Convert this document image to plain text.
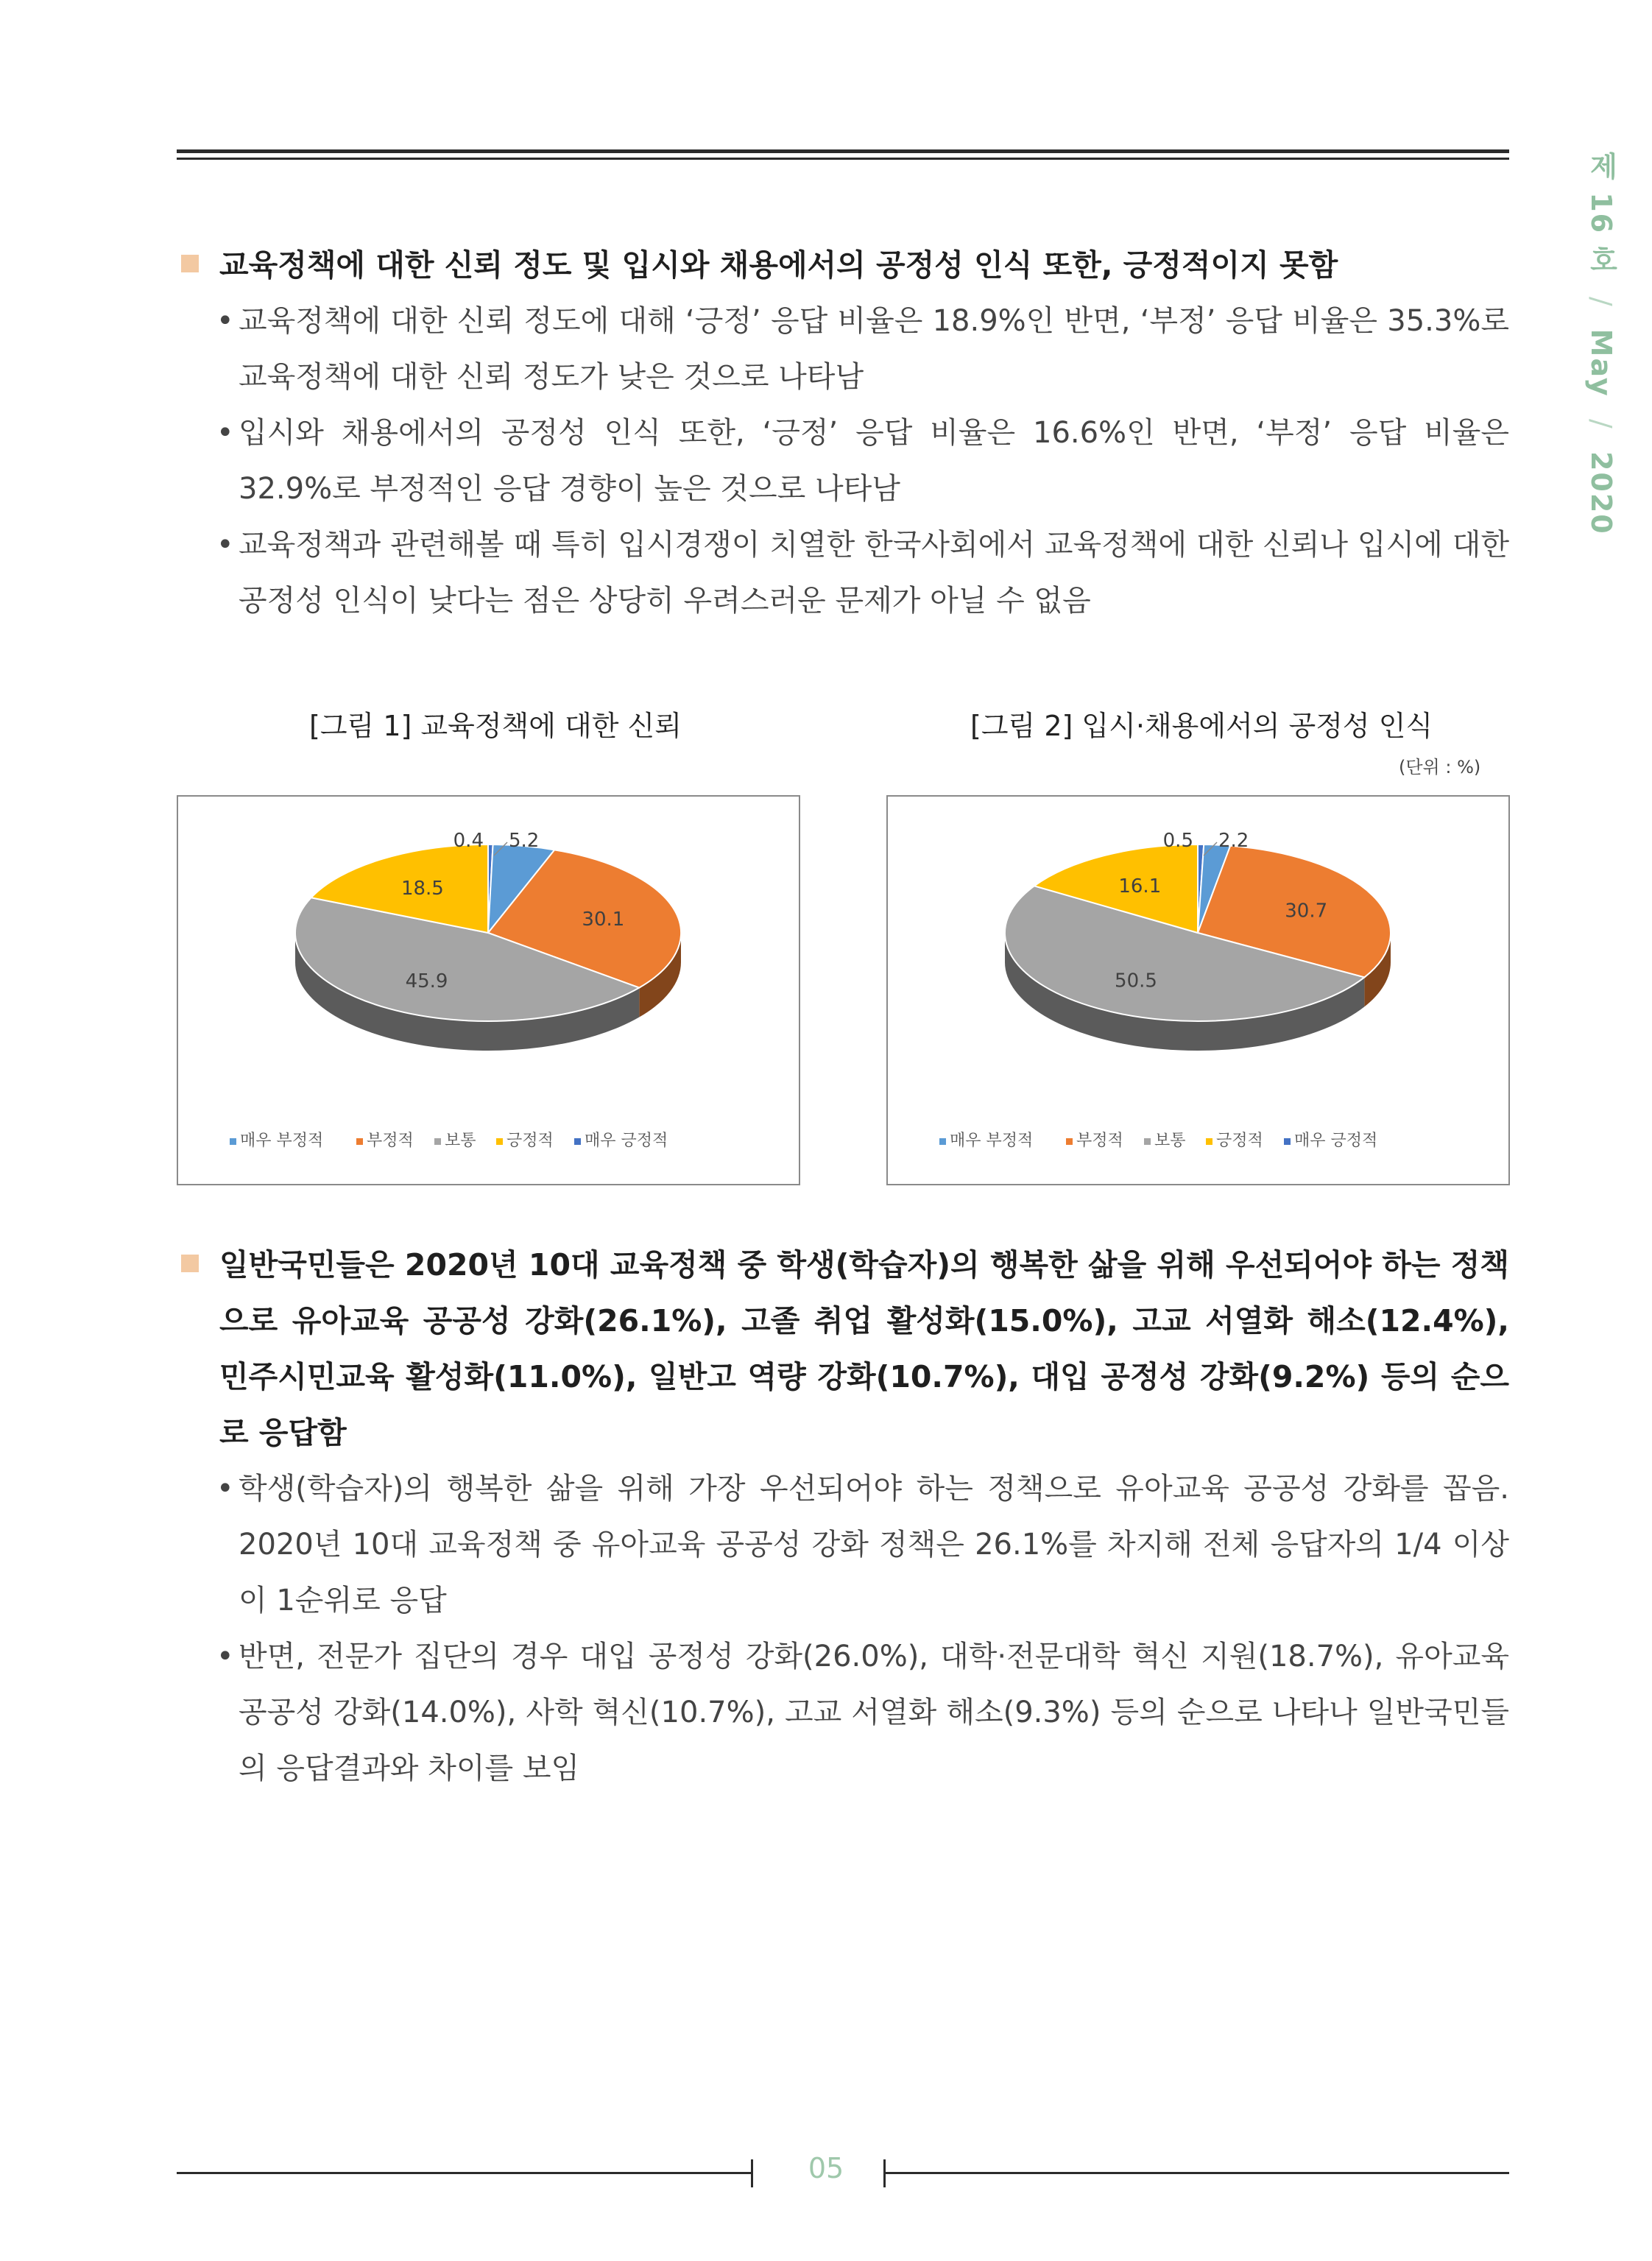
제 16 호 / May / 2020
교육정책에 대한 신뢰 정도 및 입시와 채용에서의 공정성 인식 또한, 긍정적이지 못함
• 교육정책에 대한 신뢰 정도에 대해 ‘긍정’ 응답 비율은 18.9%인 반면, ‘부정’ 응답 비율은 35.3%로 교육정책에 대한 신뢰 정도가 낮은 것으로 나타남
• 입시와 채용에서의 공정성 인식 또한, ‘긍정’ 응답 비율은 16.6%인 반면, ‘부정’ 응답 비율은 32.9%로 부정적인 응답 경향이 높은 것으로 나타남
• 교육정책과 관련해볼 때 특히 입시경쟁이 치열한 한국사회에서 교육정책에 대한 신뢰나 입시에 대한 공정성 인식이 낮다는 점은 상당히 우려스러운 문제가 아닐 수 없음
[그림 1] 교육정책에 대한 신뢰	[그림 2] 입시·채용에서의 공정성 인식
(단위 : %)
0.4 5.2
30.1
45.9
18.5
매우 부정적	부정적 보통 긍정적 매우 긍정적
0.5 2.2
30.7
50.5
16.1
매우 부정적	부정적 보통 긍정적 매우 긍정적
일반국민들은 2020년 10대 교육정책 중 학생(학습자)의 행복한 삶을 위해 우선되어야 하는 정책으로 유아교육 공공성 강화(26.1%), 고졸 취업 활성화(15.0%), 고교 서열화 해소(12.4%), 민주시민교육 활성화(11.0%), 일반고 역량 강화(10.7%), 대입 공정성 강화(9.2%) 등의 순으로 응답함
• 학생(학습자)의 행복한 삶을 위해 가장 우선되어야 하는 정책으로 유아교육 공공성 강화를 꼽음. 2020년 10대 교육정책 중 유아교육 공공성 강화 정책은 26.1%를 차지해 전체 응답자의 1/4 이상이 1순위로 응답
• 반면, 전문가 집단의 경우 대입 공정성 강화(26.0%), 대학·전문대학 혁신 지원(18.7%), 유아교육 공공성 강화(14.0%), 사학 혁신(10.7%), 고교 서열화 해소(9.3%) 등의 순으로 나타나 일반국민들의 응답결과와 차이를 보임
05
